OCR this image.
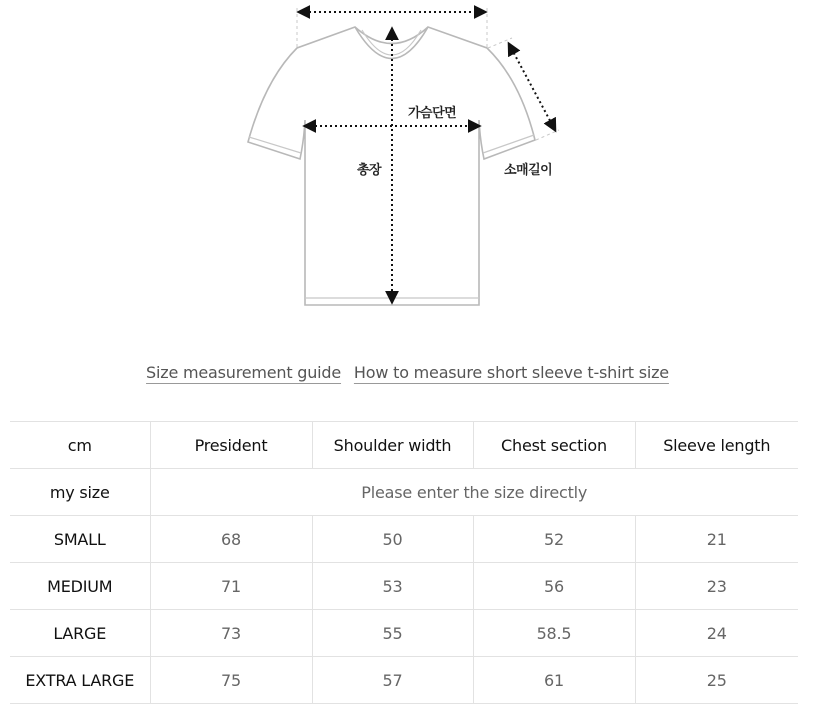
가슴단면
총장	소매길이
Size measurement guide How to measure short sleeve t-shirt size
cm	President	Shoulder width	Chest section	Sleeve length
my size	Please enter the size directly			
SMALL	68	50	52	21
MEDIUM	71	53	56	23
LARGE	73	55	58.5	24
EXTRA LARGE	75	57	61	25
